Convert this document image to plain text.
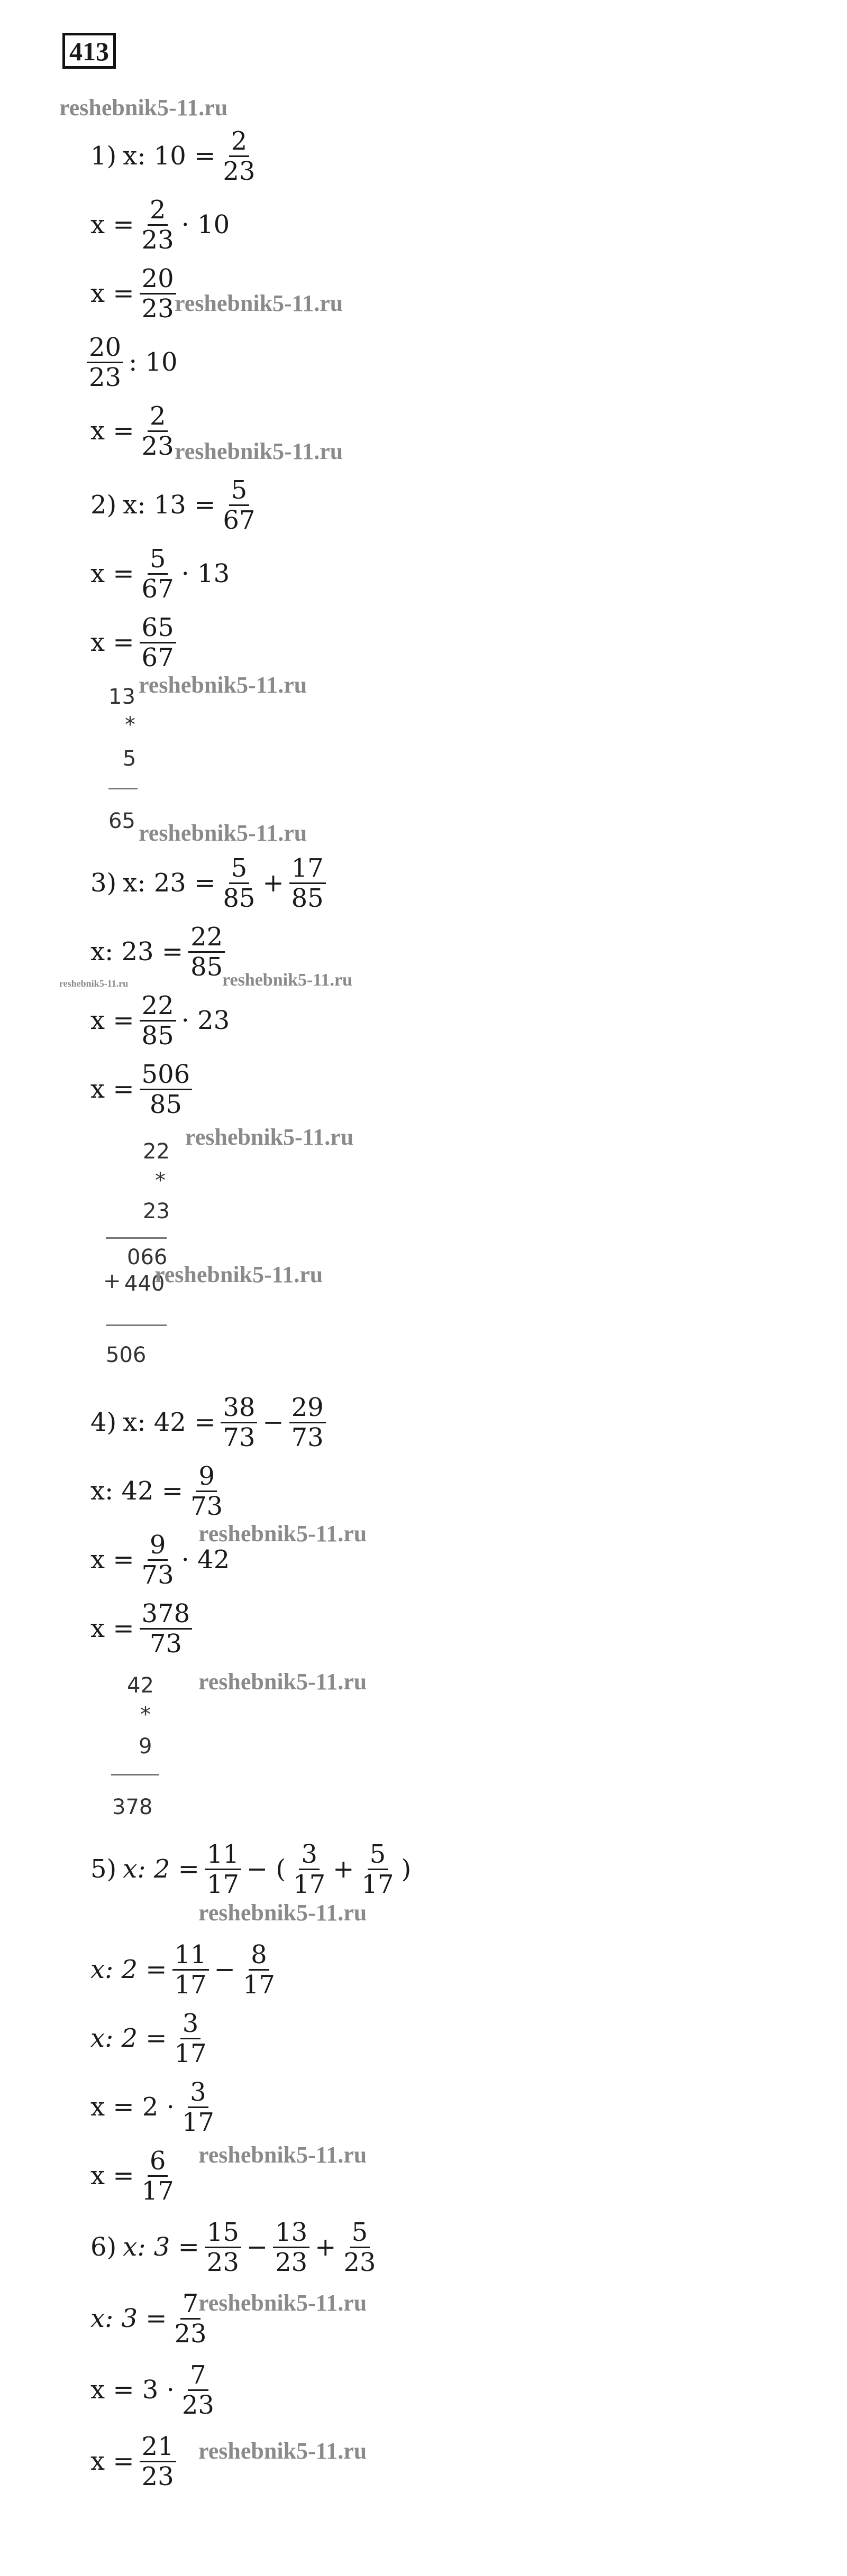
413
reshebnik5-11.ru
1) x: $10 = \frac{2}{23}$
$x = \frac{2}{23} \cdot 10$
$x = \frac{20}{23}$
reshebnik5-11.ru
$\frac{20}{23}$ : 10
$x = \frac{2}{23}$
reshebnik5-11.ru
2) x: $13 = \frac{5}{67}$
$x = \frac{5}{67} \cdot 13$
$x = \frac{65}{67}$
13 reshebnik5-11.ru
*
5
65 reshebnik5-11.ru
3) x: $23 = \frac{5}{85} + \frac{17}{85}$
x: $23 = \frac{22}{85}$
reshebnik5-11.ru	reshebnik5-11.ru
$x = \frac{22}{85} \cdot 23$
$x = \frac{506}{85}$
reshebnik5-11.ru
22
*
23
066
+ 440
reshebnik5-11.ru
506
4) x: $42 = \frac{38}{73} - \frac{29}{73}$
x: $42 = \frac{9}{73}$
$x = \frac{9}{73} \cdot 42$
reshebnik5-11.ru
$x = \frac{378}{73}$
42 reshebnik5-11.ru
*
9
378
5) x: $2 = \frac{11}{17}$ − ( $\frac{3}{17} + \frac{5}{17}$ )
reshebnik5-11.ru
x: $2 = \frac{11}{17} - \frac{8}{17}$
x: $2 = \frac{3}{17}$
$x = 2 \cdot \frac{3}{17}$
$x = \frac{6}{17}$ reshebnik5-11.ru
6) x: $3 = \frac{15}{23} - \frac{13}{23} + \frac{5}{23}$
x: $3 = \frac{7}{23}$
reshebnik5-11.ru
$x = 3 \cdot \frac{7}{23}$
$x = \frac{21}{23}$ reshebnik5-11.ru
